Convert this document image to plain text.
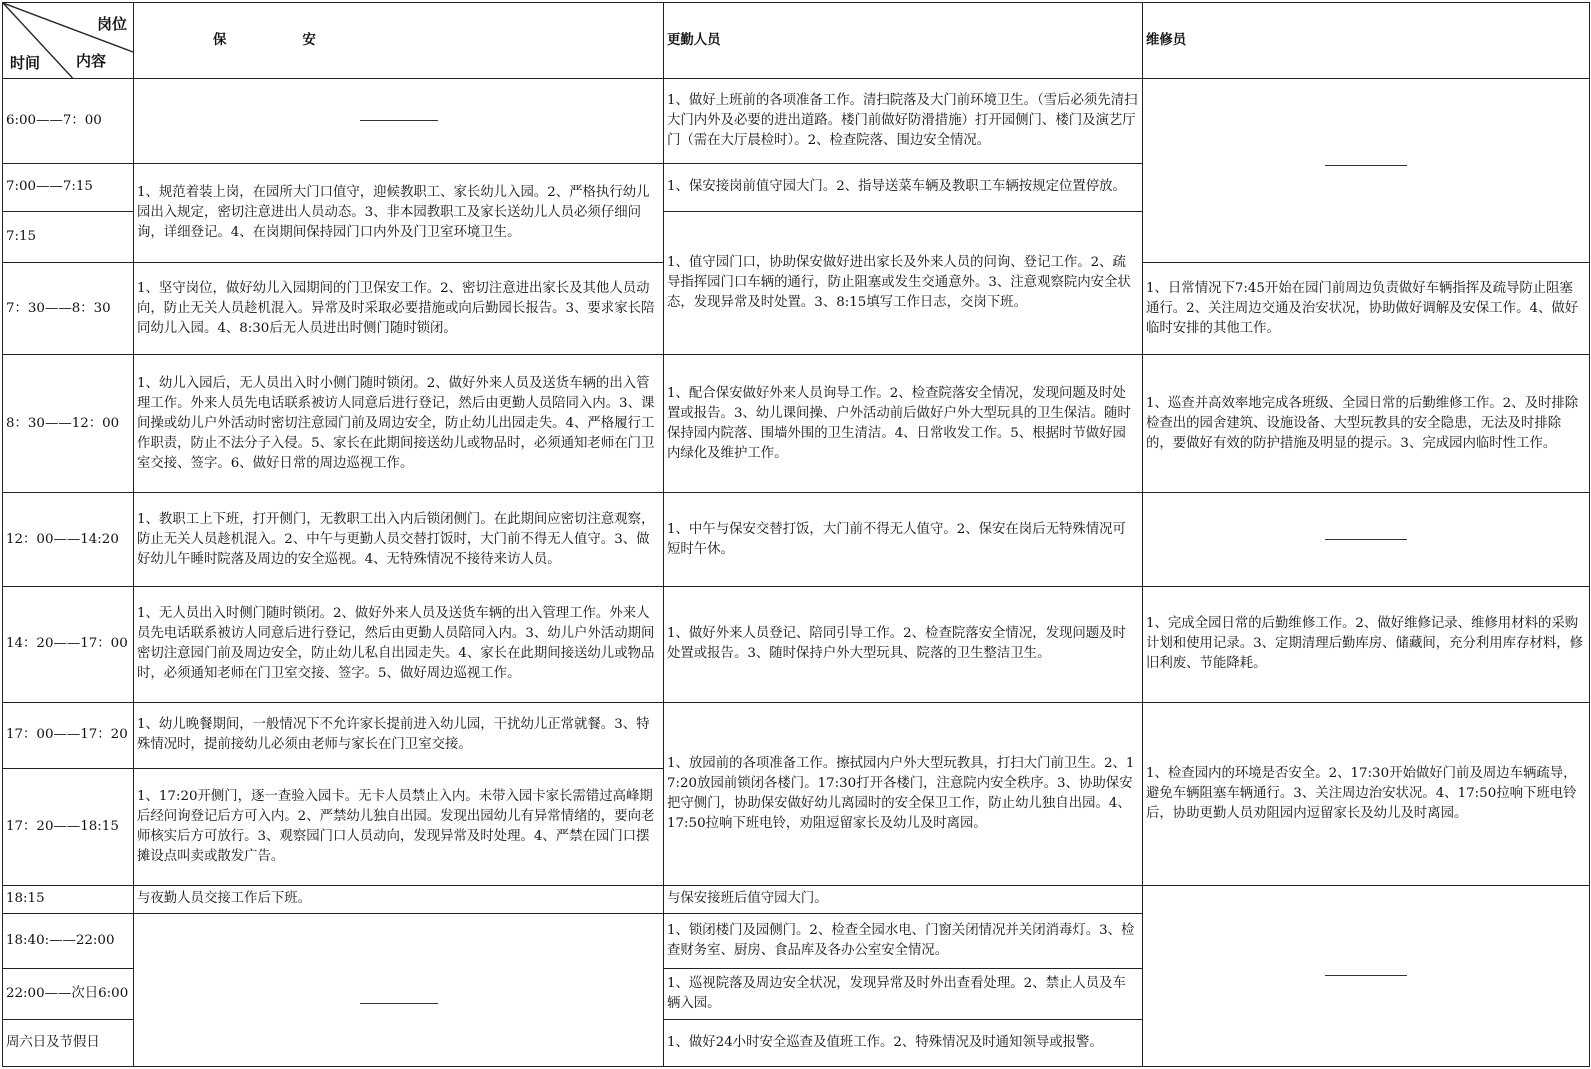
岗位
时间 内容	保安	更勤人员	维修员
6:00——7：00		1、做好上班前的各项准备工作。清扫院落及大门前环境卫生。（雪后必须先清扫大门内外及必要的进出道路。楼门前做好防滑措施）打开园侧门、楼门及演艺厅门（需在大厅晨检时）。2、检查院落、围边安全情况。	

7:00——7:15	1、规范着装上岗，在园所大门口值守，迎候教职工、家长幼儿入园。2、严格执行幼儿园出入规定，密切注意进出人员动态。3、非本园教职工及家长送幼儿人员必须仔细问询，详细登记。4、在岗期间保持园门口内外及门卫室环境卫生。	1、保安接岗前值守园大门。2、指导送菜车辆及教职工车辆按规定位置停放。	
7:15		1、值守园门口，协助保安做好进出家长及外来人员的问询、登记工作。2、疏导指挥园门口车辆的通行，防止阻塞或发生交通意外。3、注意观察院内安全状态，发现异常及时处置。3、8:15填写工作日志，交岗下班。	
7：30——8：30	1、坚守岗位，做好幼儿入园期间的门卫保安工作。2、密切注意进出家长及其他人员动向，防止无关人员趁机混入。异常及时采取必要措施或向后勤园长报告。3、要求家长陪同幼儿入园。4、8:30后无人员进出时侧门随时锁闭。		1、日常情况下7:45开始在园门前周边负责做好车辆指挥及疏导防止阻塞通行。2、关注周边交通及治安状况，协助做好调解及安保工作。4、做好临时安排的其他工作。
8：30——12：00	1、幼儿入园后，无人员出入时小侧门随时锁闭。2、做好外来人员及送货车辆的出入管理工作。外来人员先电话联系被访人同意后进行登记，然后由更勤人员陪同入内。3、课间操或幼儿户外活动时密切注意园门前及周边安全，防止幼儿出园走失。4、严格履行工作职责，防止不法分子入侵。5、家长在此期间接送幼儿或物品时，必须通知老师在门卫室交接、签字。6、做好日常的周边巡视工作。	1、配合保安做好外来人员询导工作。2、检查院落安全情况，发现问题及时处置或报告。3、幼儿课间操、户外活动前后做好户外大型玩具的卫生保洁。随时保持园内院落、围墙外围的卫生清洁。4、日常收发工作。5、根据时节做好园内绿化及维护工作。	1、巡查并高效率地完成各班级、全园日常的后勤维修工作。2、及时排除检查出的园舍建筑、设施设备、大型玩教具的安全隐患，无法及时排除的，要做好有效的防护措施及明显的提示。3、完成园内临时性工作。
12：00——14:20	1、教职工上下班，打开侧门，无教职工出入内后锁闭侧门。在此期间应密切注意观察，防止无关人员趁机混入。2、中午与更勤人员交替打饭时，大门前不得无人值守。3、做好幼儿午睡时院落及周边的安全巡视。4、无特殊情况不接待来访人员。	1、中午与保安交替打饭，大门前不得无人值守。2、保安在岗后无特殊情况可短时午休。	

14：20——17：00	1、无人员出入时侧门随时锁闭。2、做好外来人员及送货车辆的出入管理工作。外来人员先电话联系被访人同意后进行登记，然后由更勤人员陪同入内。3、幼儿户外活动期间密切注意园门前及周边安全，防止幼儿私自出园走失。4、家长在此期间接送幼儿或物品时，必须通知老师在门卫室交接、签字。5、做好周边巡视工作。	1、做好外来人员登记、陪同引导工作。2、检查院落安全情况，发现问题及时处置或报告。3、随时保持户外大型玩具、院落的卫生整洁卫生。	1、完成全园日常的后勤维修工作。2、做好维修记录、维修用材料的采购计划和使用记录。3、定期清理后勤库房、储藏间，充分利用库存材料，修旧利废、节能降耗。
17：00——17：20	1、幼儿晚餐期间，一般情况下不允许家长提前进入幼儿园，干扰幼儿正常就餐。3、特殊情况时，提前接幼儿必须由老师与家长在门卫室交接。	1、放园前的各项准备工作。擦拭园内户外大型玩教具，打扫大门前卫生。2、17:20放园前锁闭各楼门。17:30打开各楼门，注意院内安全秩序。3、协助保安把守侧门，协助保安做好幼儿离园时的安全保卫工作，防止幼儿独自出园。4、17:50拉响下班电铃，劝阻逗留家长及幼儿及时离园。	1、检查园内的环境是否安全。2、17:30开始做好门前及周边车辆疏导，避免车辆阻塞车辆通行。3、关注周边治安状况。4、17:50拉响下班电铃后，协助更勤人员劝阻园内逗留家长及幼儿及时离园。
17：20——18:15	1、17:20开侧门，逐一查验入园卡。无卡人员禁止入内。未带入园卡家长需错过高峰期后经问询登记后方可入内。2、严禁幼儿独自出园。发现出园幼儿有异常情绪的，要向老师核实后方可放行。3、观察园门口人员动向，发现异常及时处理。4、严禁在园门口摆摊设点叫卖或散发广告。		
18:15	与夜勤人员交接工作后下班。	与保安接班后值守园大门。	

18:40:——22:00		1、锁闭楼门及园侧门。2、检查全园水电、门窗关闭情况并关闭消毒灯。3、检查财务室、厨房、食品库及各办公室安全情况。	
22:00——次日6:00		1、巡视院落及周边安全状况，发现异常及时外出查看处理。2、禁止人员及车辆入园。	
周六日及节假日		1、做好24小时安全巡查及值班工作。2、特殊情况及时通知领导或报警。	
